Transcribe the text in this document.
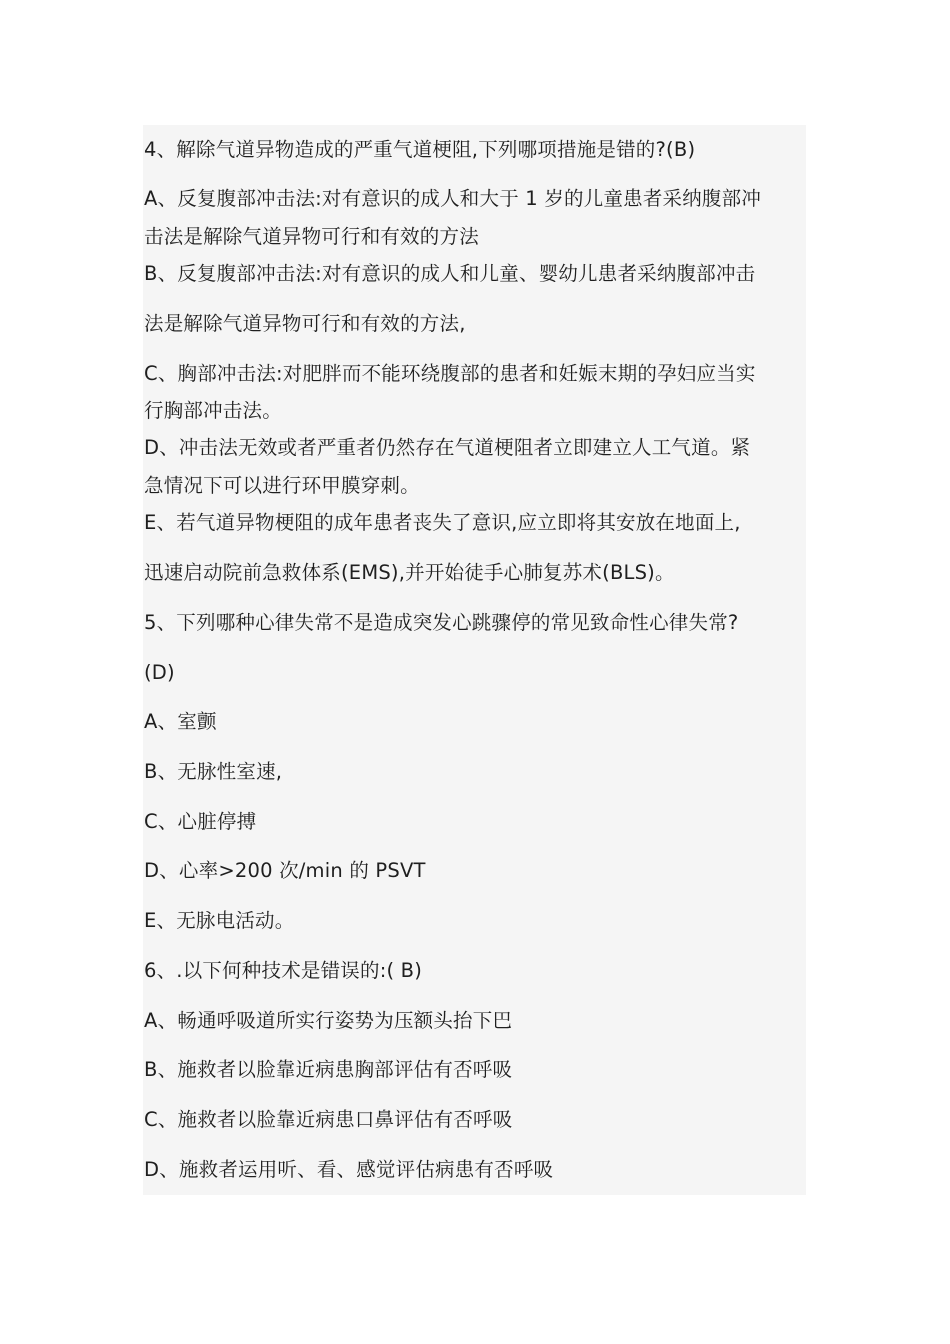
4、解除气道异物造成的严重气道梗阻,下列哪项措施是错的?(B)
A、反复腹部冲击法:对有意识的成人和大于 1 岁的儿童患者采纳腹部冲
击法是解除气道异物可行和有效的方法
B、反复腹部冲击法:对有意识的成人和儿童、婴幼儿患者采纳腹部冲击
法是解除气道异物可行和有效的方法,
C、胸部冲击法:对肥胖而不能环绕腹部的患者和妊娠末期的孕妇应当实
行胸部冲击法。
D、冲击法无效或者严重者仍然存在气道梗阻者立即建立人工气道。紧
急情况下可以进行环甲膜穿刺。
E、若气道异物梗阻的成年患者丧失了意识,应立即将其安放在地面上,
迅速启动院前急救体系(EMS),并开始徒手心肺复苏术(BLS)。
5、下列哪种心律失常不是造成突发心跳骤停的常见致命性心律失常?
(D)
A、室颤
B、无脉性室速,
C、心脏停搏
D、心率>200 次/min 的 PSVT
E、无脉电活动。
6、.以下何种技术是错误的:( B)
A、畅通呼吸道所实行姿势为压额头抬下巴
B、施救者以脸靠近病患胸部评估有否呼吸
C、施救者以脸靠近病患口鼻评估有否呼吸
D、施救者运用听、看、感觉评估病患有否呼吸
